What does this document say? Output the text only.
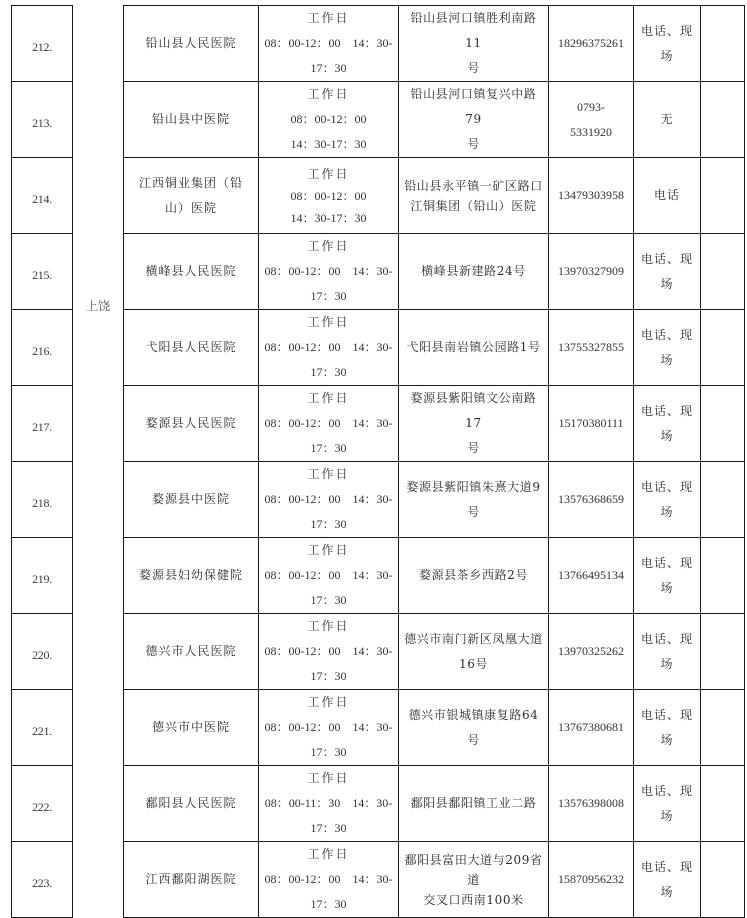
212.	上饶	铅山县人民医院	工作日
08：00-12：00　14：30-
17：30	铅山县河口镇胜利南路11
号	18296375261	电话、现
场	

213.		铅山县中医院	工作日
08：00-12：00
14：30-17：30	铅山县河口镇复兴中路79
号	0793-
5331920	无	

214.		江西铜业集团（铅
山）医院	工作日
08：00-12：00
14：30-17：30	铅山县永平镇一矿区路口
江铜集团（铅山）医院	13479303958	电话	

215.		横峰县人民医院	工作日
08：00-12：00　14：30-
17：30	横峰县新建路24号	13970327909	电话、现
场	

216.		弋阳县人民医院	工作日
08：00-12：00　14：30-
17：30	弋阳县南岩镇公园路1号	13755327855	电话、现
场	

217.		婺源县人民医院	工作日
08：00-12：00　14：30-
17：30	婺源县紫阳镇文公南路17
号	15170380111	电话、现
场	

218.		婺源县中医院	工作日
08：00-12：00　14：30-
17：30	婺源县紫阳镇朱熹大道9号	13576368659	电话、现
场	

219.		婺源县妇幼保健院	工作日
08：00-12：00　14：30-
17：30	婺源县茶乡西路2号	13766495134	电话、现
场	

220.		德兴市人民医院	工作日
08：00-12：00　14：30-
17：30	德兴市南门新区凤凰大道
16号	13970325262	电话、现
场	

221.		德兴市中医院	工作日
08：00-12：00　14：30-
17：30	德兴市银城镇康复路64号	13767380681	电话、现
场	

222.		鄱阳县人民医院	工作日
08：00-11：30　14：30-
17：30	鄱阳县鄱阳镇工业二路	13576398008	电话、现
场	

223.		江西鄱阳湖医院	工作日
08：00-12：00　14：30-
17：30	鄱阳县富田大道与209省道
交叉口西南100米	15870956232	电话、现
场	
